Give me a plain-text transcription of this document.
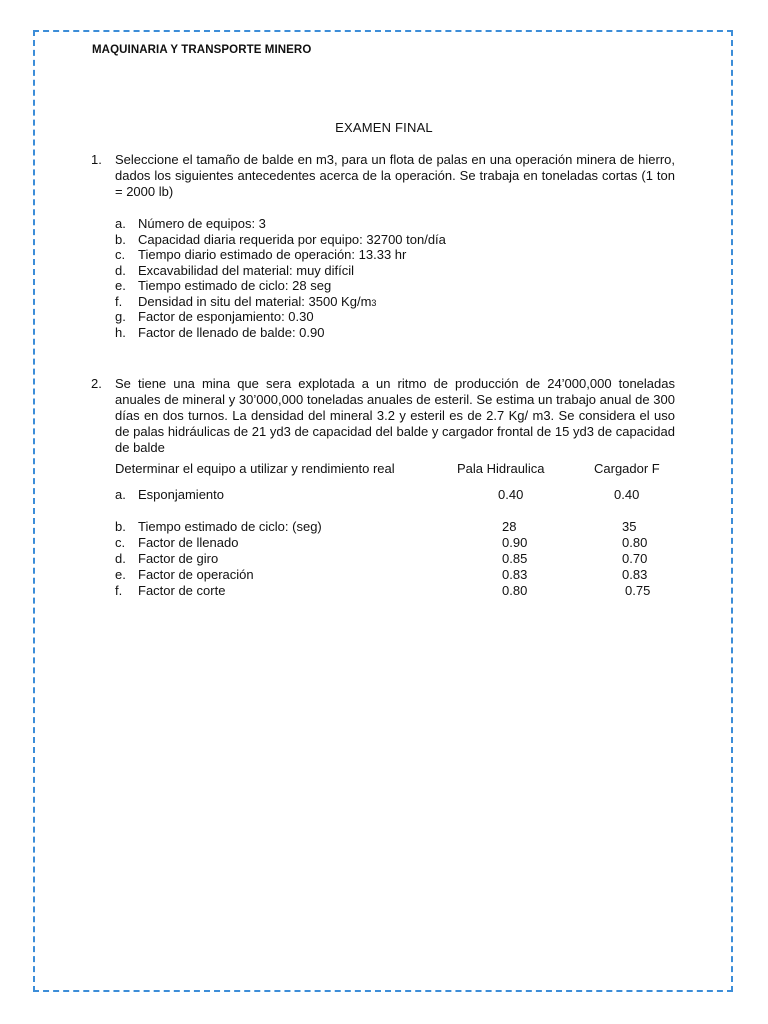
MAQUINARIA Y TRANSPORTE MINERO
EXAMEN FINAL
1. Seleccione el tamaño de balde en m3, para un flota de palas en una operación minera de hierro, dados los siguientes antecedentes acerca de la operación. Se trabaja en toneladas cortas (1 ton = 2000 lb)
a. Número de equipos: 3
b. Capacidad diaria requerida por equipo: 32700 ton/día
c. Tiempo diario estimado de operación: 13.33 hr
d. Excavabilidad del material: muy difícil
e. Tiempo estimado de ciclo: 28 seg
f. Densidad in situ del material: 3500 Kg/m3
g. Factor de esponjamiento: 0.30
h. Factor de llenado de balde: 0.90
2. Se tiene una mina que sera explotada a un ritmo de producción de 24’000,000 toneladas anuales de mineral y 30’000,000 toneladas anuales de esteril. Se estima un trabajo anual de 300 días en dos turnos. La densidad del mineral 3.2 y esteril es de 2.7 Kg/ m3. Se considera el uso de palas hidráulicas de 21 yd3 de capacidad del balde y cargador frontal de 15 yd3 de capacidad de balde
Determinar el equipo a utilizar y rendimiento real	Pala Hidraulica	Cargador F
a. Esponjamiento	0.40	0.40
b. Tiempo estimado de ciclo: (seg)	28	35
c. Factor de llenado	0.90	0.80
d. Factor de giro	0.85	0.70
e. Factor de operación	0.83	0.83
f. Factor de corte	0.80	0.75
